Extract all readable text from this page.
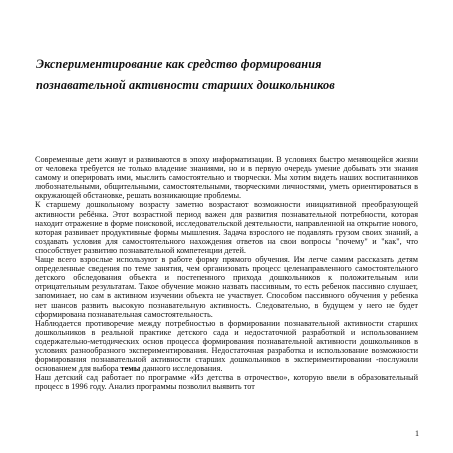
Экспериментирование как средство формирования
познавательной активности старших дошкольников

Современные дети живут и развиваются в эпоху информатизации. В условиях быстро меняющейся жизни от человека требуется не только владение знаниями, но и в первую очередь умение добывать эти знания самому и оперировать ими, мыслить самостоятельно и творчески. Мы хотим видеть наших воспитанников любознательными, общительными, самостоятельными, творческими личностями, уметь ориентироваться в окружающей обстановке, решать возникающие проблемы.

К старшему дошкольному возрасту заметно возрастают возможности инициативной преобразующей активности ребёнка. Этот возрастной период важен для развития познавательной потребности, которая находит отражение в форме поисковой, исследовательской деятельности, направленной на открытие нового, которая развивает продуктивные формы мышления. Задача взрослого не подавлять грузом своих знаний, а создавать условия для самостоятельного нахождения ответов на свои вопросы "почему" и "как", что способствует развитию познавательной компетенции детей.

Чаще всего взрослые используют в работе форму прямого обучения. Им легче самим рассказать детям определенные сведения по теме занятия, чем организовать процесс целенаправленного самостоятельного детского обследования объекта и постепенного прихода дошкольников к положительным или отрицательным результатам. Такое обучение можно назвать пассивным, то есть ребенок пассивно слушает, запоминает, но сам в активном изучении объекта не участвует. Способом пассивного обучения у ребенка нет шансов развить высокую познавательную активность. Следовательно, в будущем у него не будет сформирована познавательная самостоятельность.

Наблюдается противоречие между потребностью в формировании познавательной активности старших дошкольников в реальной практике детского сада и недостаточной разработкой и использованием содержательно-методических основ процесса формирования познавательной активности дошкольников в условиях разнообразного экспериментирования. Недостаточная разработка и использование возможности формирования познавательной активности старших дошкольников в экспериментировании -послужили основанием для выбора темы данного исследования.

Наш детский сад работает по программе «Из детства в отрочество», которую ввели в образовательный процесс в 1996 году. Анализ программы позволил выявить тот

1
